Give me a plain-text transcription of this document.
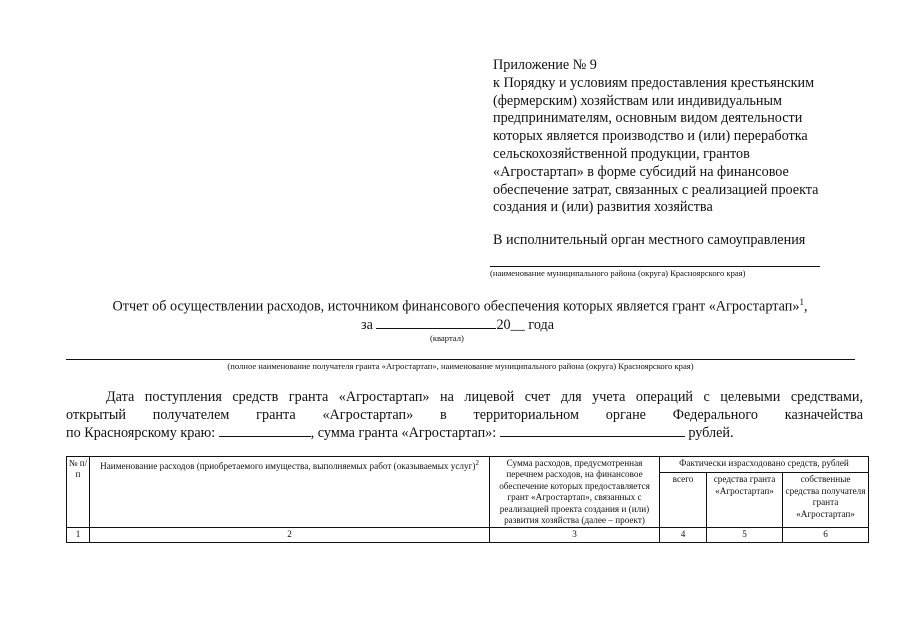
Приложение № 9
к Порядку и условиям предоставления крестьянским
(фермерским) хозяйствам или индивидуальным
предпринимателям, основным видом деятельности
которых является производство и (или) переработка
сельскохозяйственной продукции, грантов
«Агростартап» в форме субсидий на финансовое
обеспечение затрат, связанных с реализацией проекта
создания и (или) развития хозяйства
В исполнительный орган местного самоуправления
(наименование муниципального района (округа) Красноярского края)
Отчет об осуществлении расходов, источником финансового обеспечения которых является грант «Агростартап»$^1$,
за	20__ года
(квартал)
(полное наименование получателя гранта «Агростартап», наименование муниципального района (округа) Красноярского края)
Дата поступления средств гранта «Агростартап» на лицевой счет для учета операций с целевыми средствами,
открытый получателем гранта «Агростартап» в территориальном органе Федерального казначейства
по Красноярскому краю:	, сумма гранта «Агростартап»:	рублей.
№ п/п	Наименование расходов (приобретаемого имущества, выполняемых работ (оказываемых услуг)$^2$	Сумма расходов, предусмотренная перечнем расходов, на финансовое обеспечение которых предоставляется грант «Агростартап», связанных с реализацией проекта создания и (или) развития хозяйства (далее – проект)	Фактически израсходовано средств, рублей		
			всего	средства гранта «Агростартап»	собственные средства получателя гранта «Агростартап»
1	2	3	4	5	6
